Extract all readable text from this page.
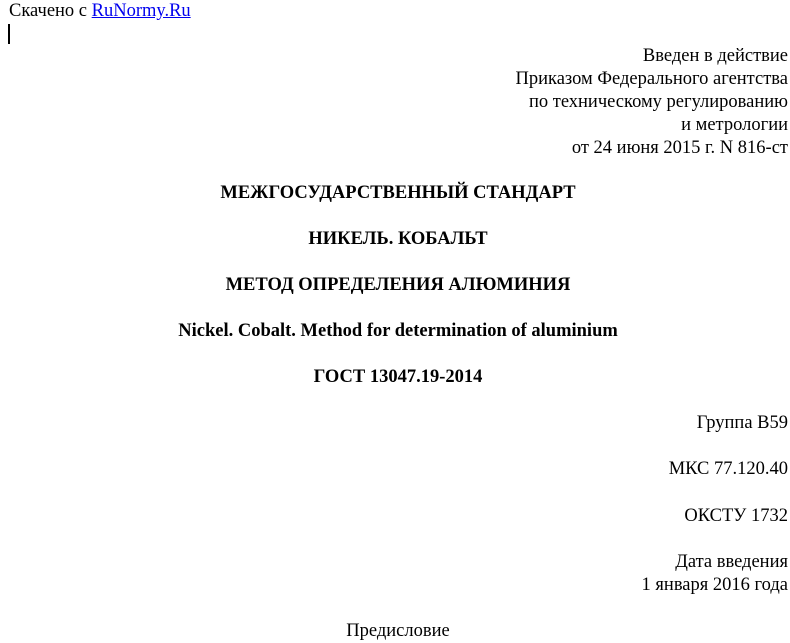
Скачено с RuNormy.Ru
Введен в действие
Приказом Федерального агентства
по техническому регулированию
и метрологии
от 24 июня 2015 г. N 816-ст
МЕЖГОСУДАРСТВЕННЫЙ СТАНДАРТ
НИКЕЛЬ. КОБАЛЬТ
МЕТОД ОПРЕДЕЛЕНИЯ АЛЮМИНИЯ
Nickel. Cobalt. Method for determination of aluminium
ГОСТ 13047.19-2014
Группа В59
МКС 77.120.40
ОКСТУ 1732
Дата введения
1 января 2016 года
Предисловие
